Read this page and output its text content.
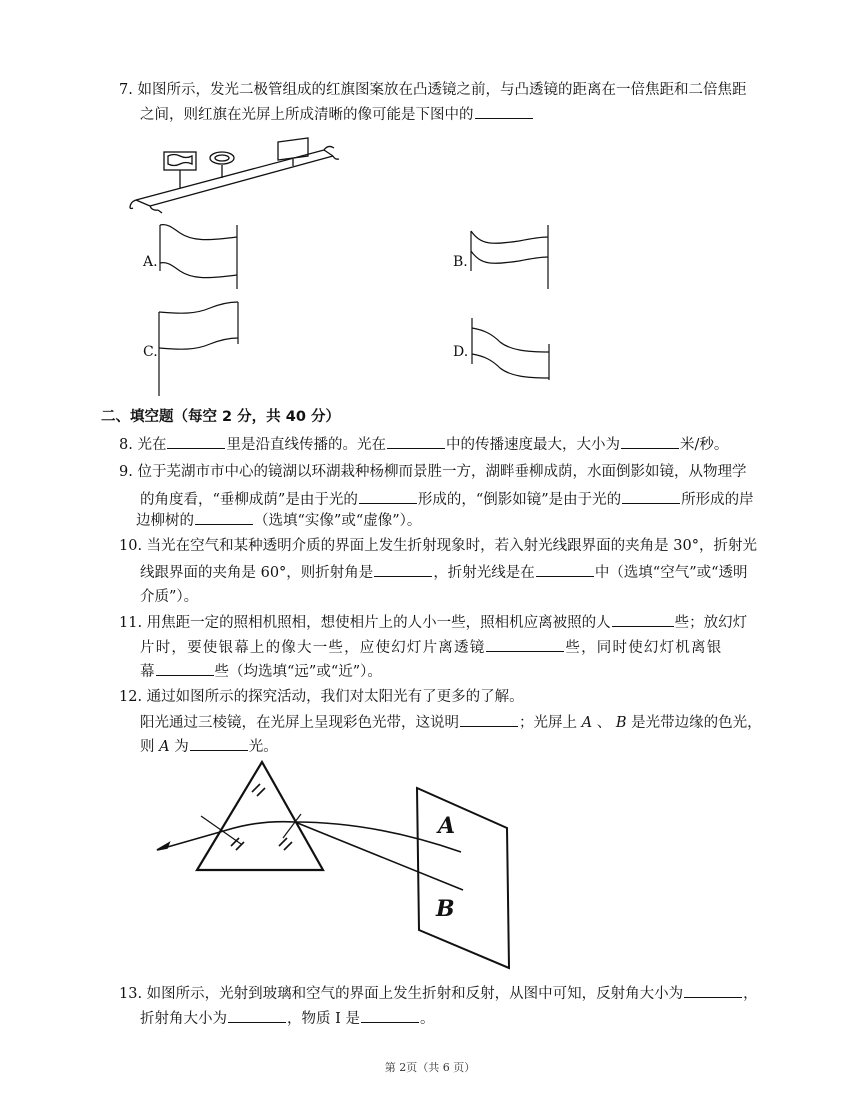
7. 如图所示，发光二极管组成的红旗图案放在凸透镜之前，与凸透镜的距离在一倍焦距和二倍焦距
之间，则红旗在光屏上所成清晰的像可能是下图中的
A.	B.
C.	D.
二、填空题（每空 2 分，共 40 分）
8. 光在	里是沿直线传播的。光在	中的传播速度最大，大小为	米/秒。
9. 位于芜湖市市中心的镜湖以环湖栽种杨柳而景胜一方，湖畔垂柳成荫，水面倒影如镜，从物理学
的角度看，“垂柳成荫”是由于光的	形成的，“倒影如镜”是由于光的	所形成的岸
边柳树的	（选填“实像”或“虚像”）。
10. 当光在空气和某种透明介质的界面上发生折射现象时，若入射光线跟界面的夹角是 30°，折射光
线跟界面的夹角是 60°，则折射角是	，折射光线是在	中（选填“空气”或“透明
介质”）。
11. 用焦距一定的照相机照相，想使相片上的人小一些，照相机应离被照的人	些；放幻灯
片时，要使银幕上的像大一些，应使幻灯片离透镜	些，同时使幻灯机离银
幕	些（均选填“远”或“近”）。
12. 通过如图所示的探究活动，我们对太阳光有了更多的了解。
阳光通过三棱镜，在光屏上呈现彩色光带，这说明	；光屏上 A 、 B 是光带边缘的色光，
则 A 为	光。
A
B
13. 如图所示，光射到玻璃和空气的界面上发生折射和反射，从图中可知，反射角大小为	，
折射角大小为	，物质 I 是	。
第 2页（共 6 页）
